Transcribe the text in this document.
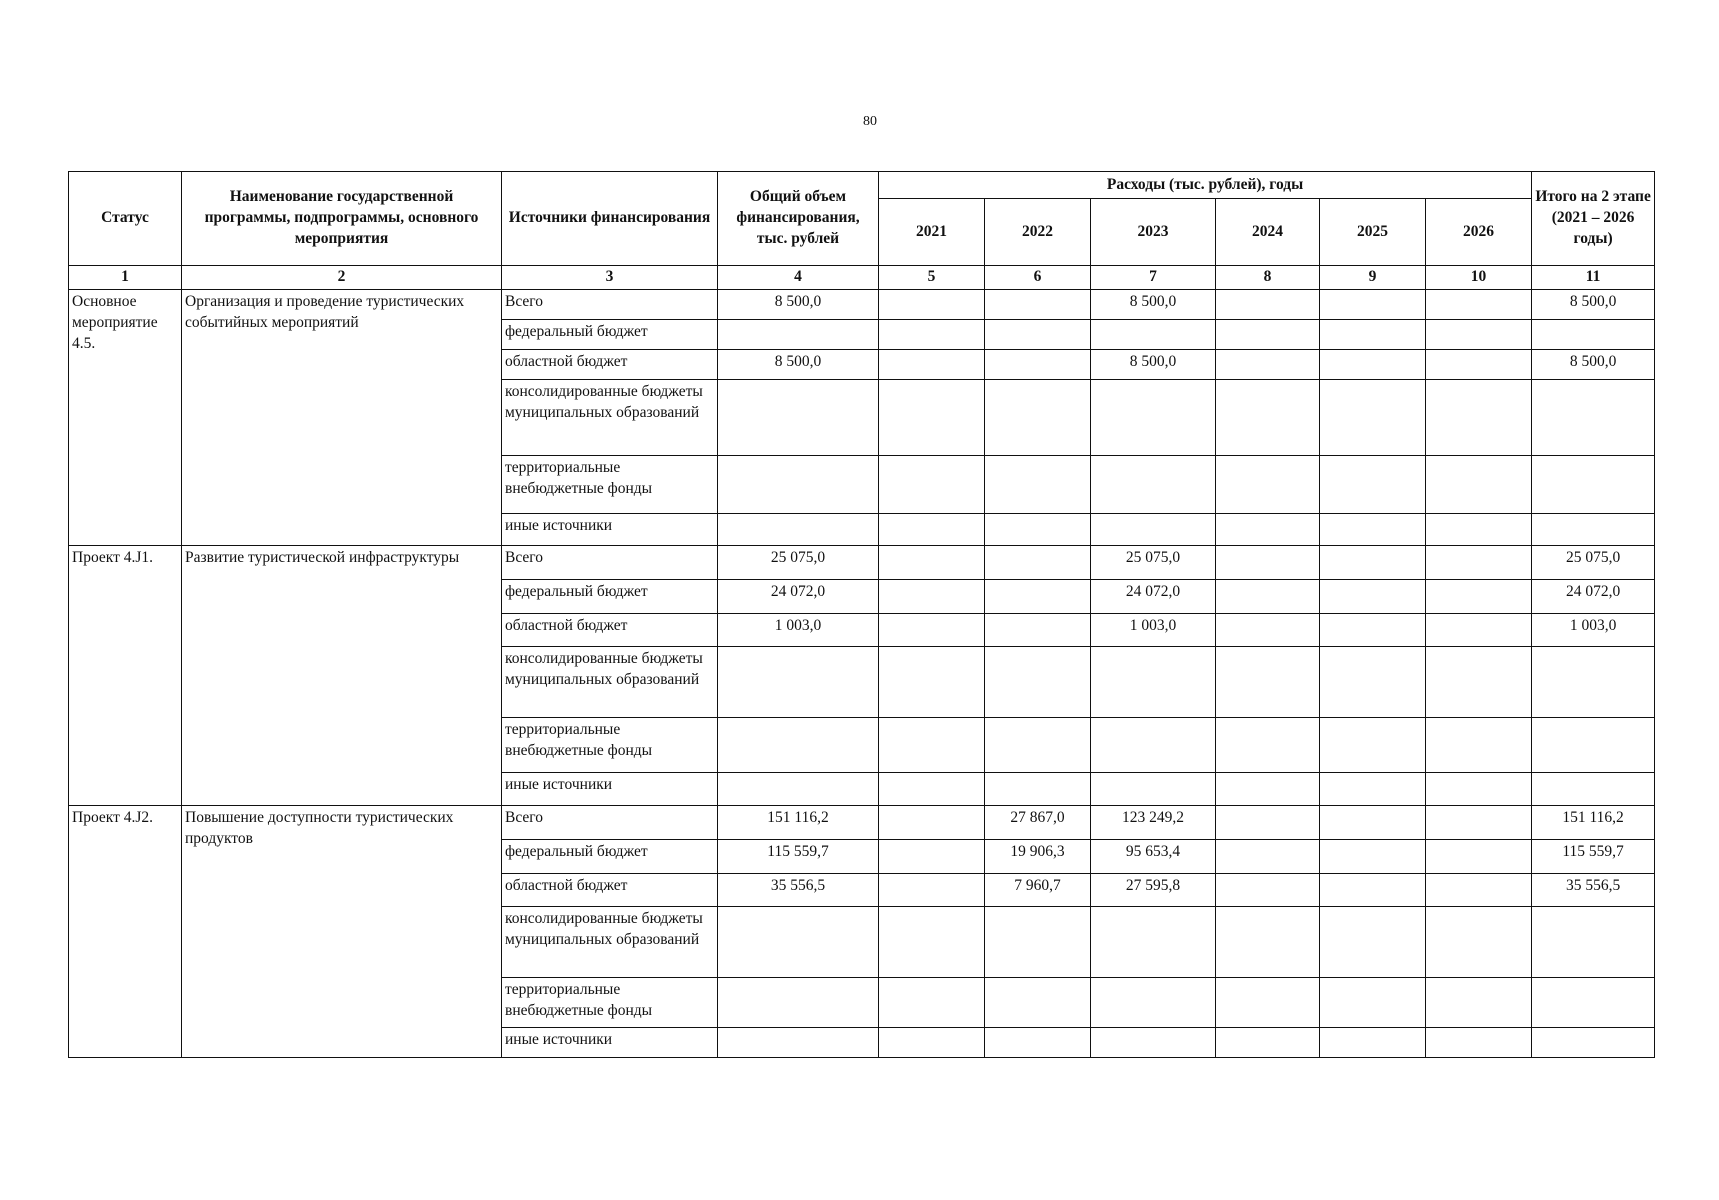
80
Статус	Наименование государственной программы, подпрограммы, основного мероприятия	Источники финансирования	Общий объем финансирования, тыс. рублей	Расходы (тыс. рублей), годы						Итого на 2 этапе (2021 – 2026 годы)
				2021	2022	2023	2024	2025	2026	
1	2	3	4	5	6	7	8	9	10	11
Основное мероприятие 4.5.	Организация и проведение туристических событийных мероприятий	Всего	8 500,0			8 500,0				8 500,0
		федеральный бюджет								
		областной бюджет	8 500,0			8 500,0				8 500,0
		консолидированные бюджеты муниципальных образований								
		территориальные внебюджетные фонды								
		иные источники								
Проект 4.J1.	Развитие туристической инфраструктуры	Всего	25 075,0			25 075,0				25 075,0
		федеральный бюджет	24 072,0			24 072,0				24 072,0
		областной бюджет	1 003,0			1 003,0				1 003,0
		консолидированные бюджеты муниципальных образований								
		территориальные внебюджетные фонды								
		иные источники								
Проект 4.J2.	Повышение доступности туристических продуктов	Всего	151 116,2		27 867,0	123 249,2				151 116,2
		федеральный бюджет	115 559,7		19 906,3	95 653,4				115 559,7
		областной бюджет	35 556,5		7 960,7	27 595,8				35 556,5
		консолидированные бюджеты муниципальных образований								
		территориальные внебюджетные фонды								
		иные источники								
